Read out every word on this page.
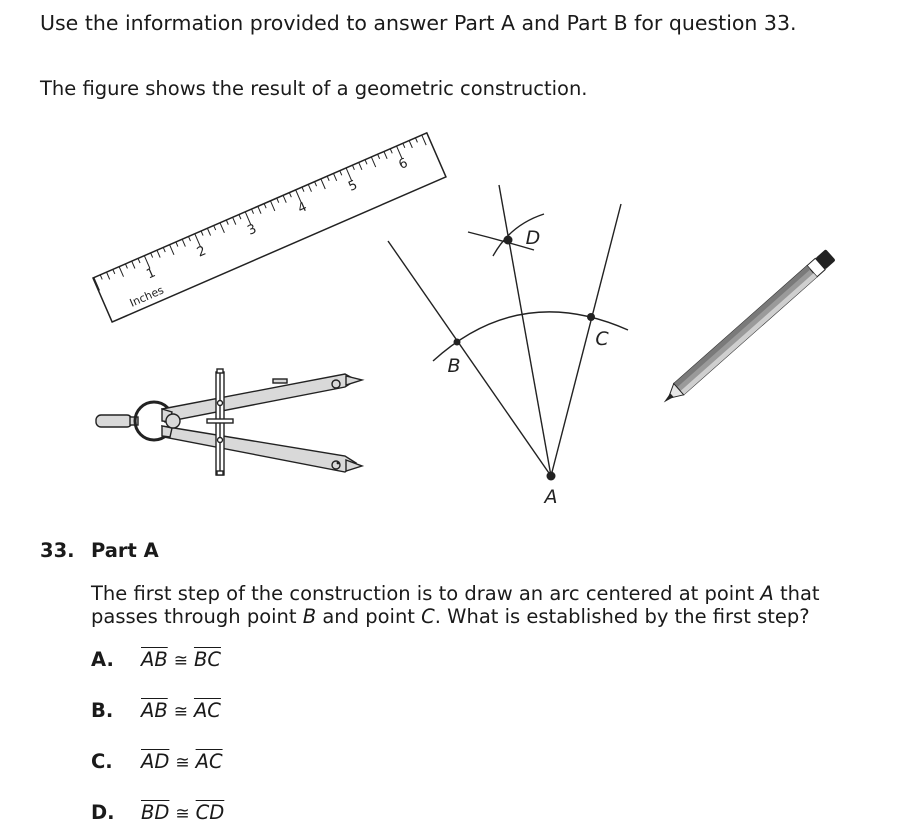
Use the information provided to answer Part A and Part B for question 33.

The figure shows the result of a geometric construction.

1
2
3
4
5
6
Inches
A
B
C
D
33. Part A

The first step of the construction is to draw an arc centered at point A that

passes through point B and point C. What is established by the first step?

A. $\overline{AB}$ ≅ $\overline{BC}$
B. $\overline{AB}$ ≅ $\overline{AC}$
C. $\overline{AD}$ ≅ $\overline{AC}$
D. $\overline{BD}$ ≅ $\overline{CD}$
